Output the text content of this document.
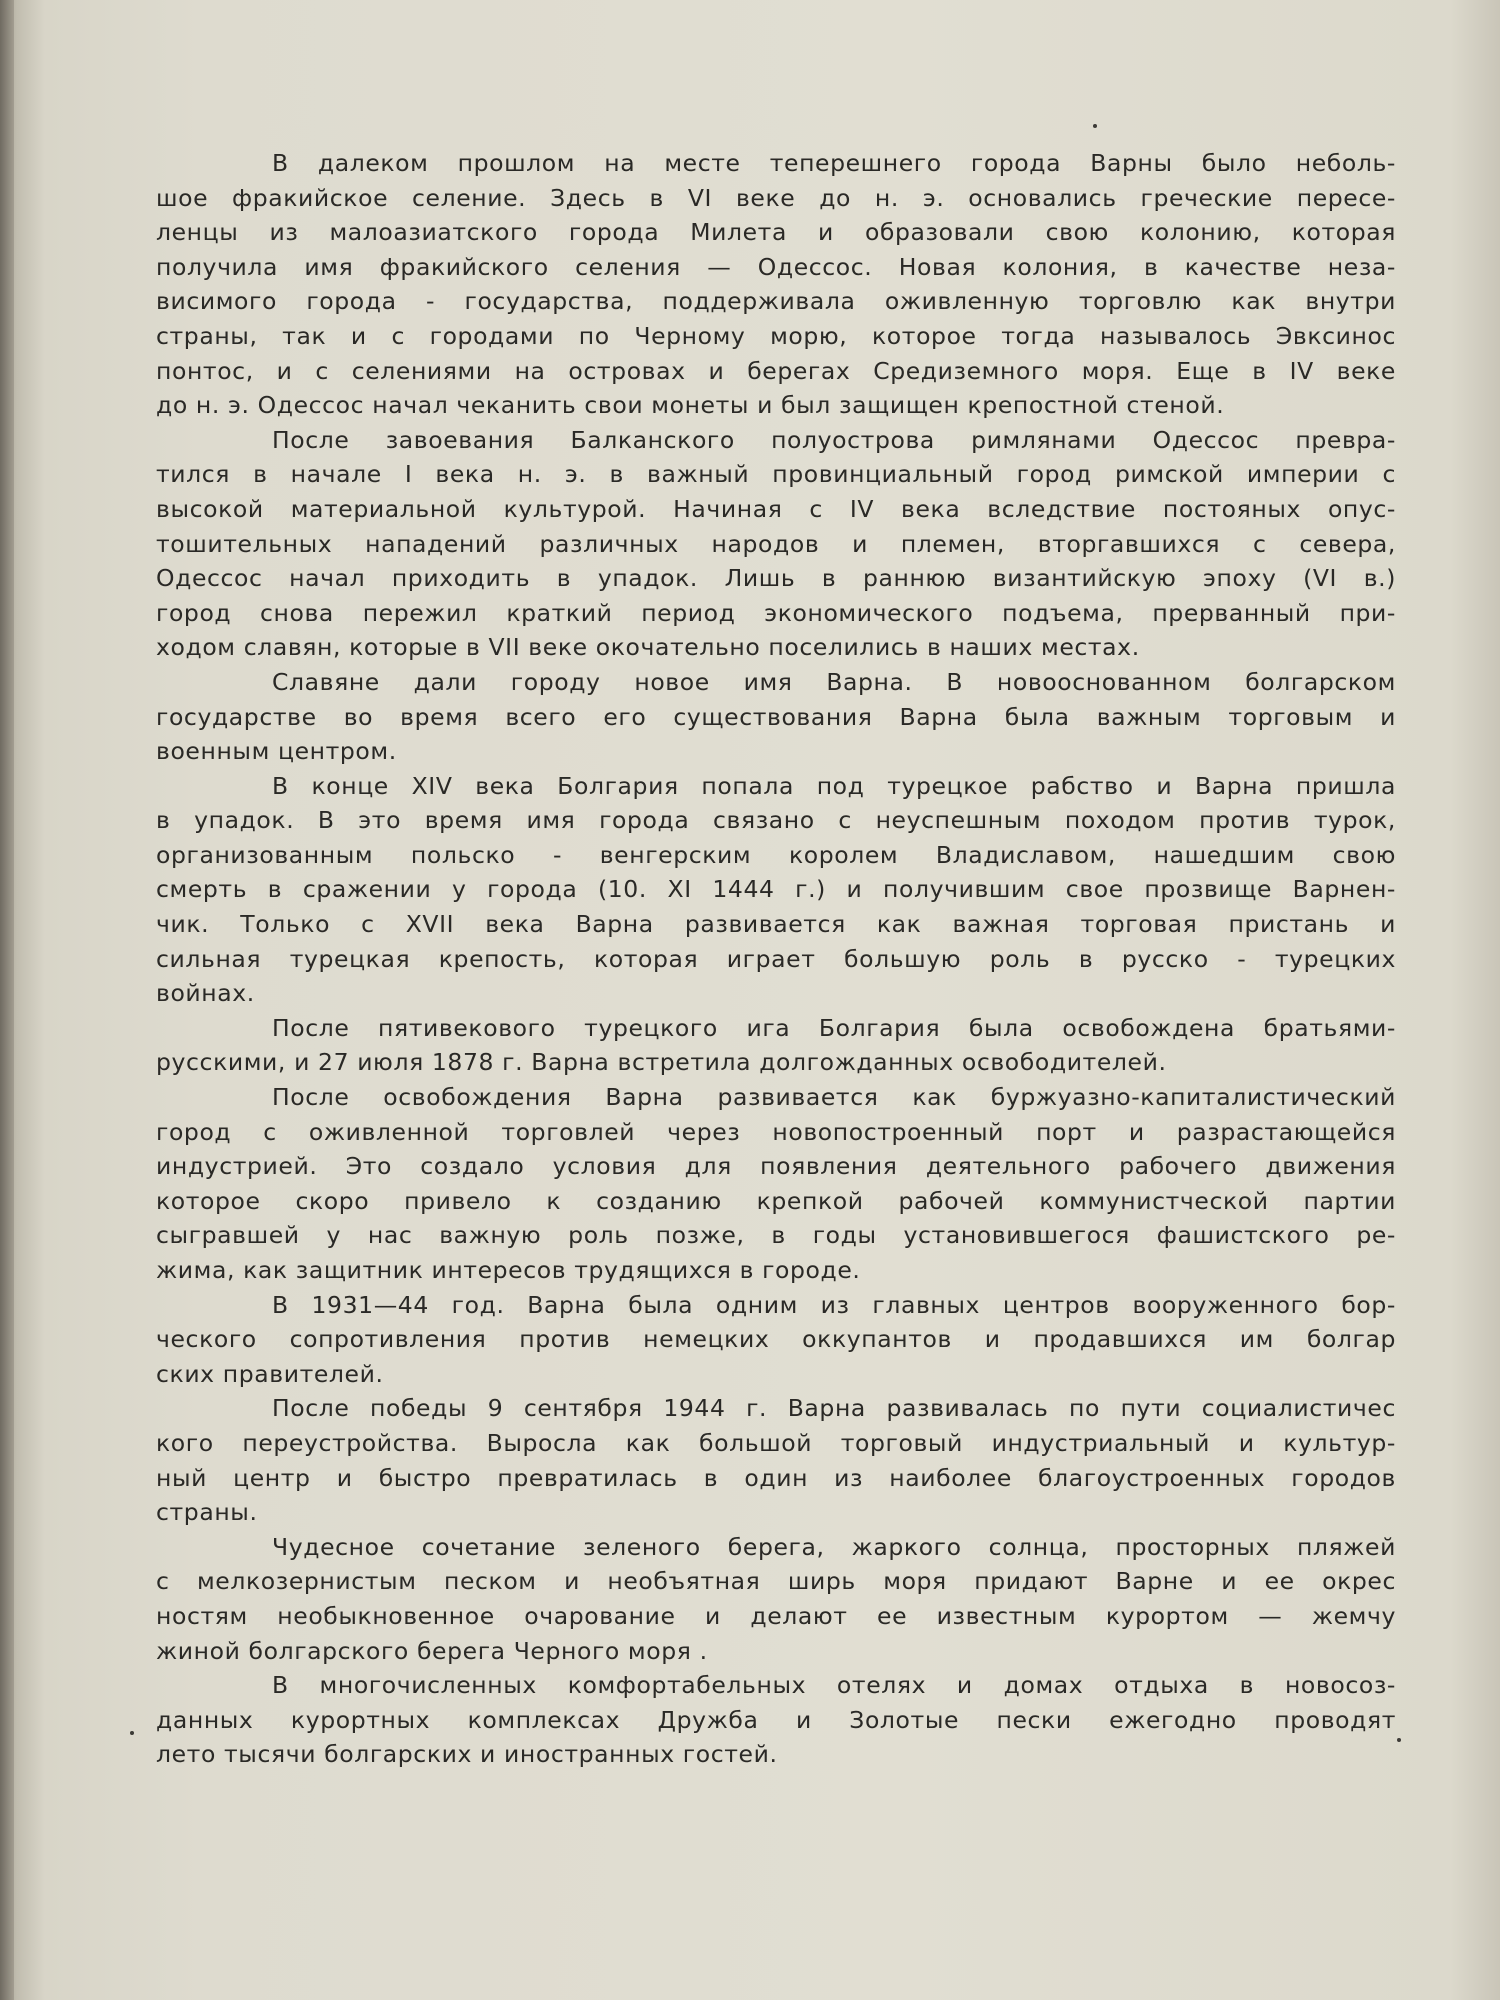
В далеком прошлом на месте теперешнего города Варны было неболь-
шое фракийское селение. Здесь в VI веке до н. э. основались греческие пересе-
ленцы из малоазиатского города Милета и образовали свою колонию, которая
получила имя фракийского селения — Одессос. Новая колония, в качестве неза-
висимого города - государства, поддерживала оживленную торговлю как внутри
страны, так и с городами по Черному морю, которое тогда называлось Эвксинос
понтос, и с селениями на островах и берегах Средиземного моря. Еще в IV веке
до н. э. Одессос начал чеканить свои монеты и был защищен крепостной стеной.
После завоевания Балканского полуострова римлянами Одессос превра-
тился в начале I века н. э. в важный провинциальный город римской империи с
высокой материальной культурой. Начиная с IV века вследствие постояных опус-
тошительных нападений различных народов и племен, вторгавшихся с севера,
Одессос начал приходить в упадок. Лишь в раннюю византийскую эпоху (VI в.)
город снова пережил краткий период экономического подъема, прерванный при-
ходом славян, которые в VII веке окочательно поселились в наших местах.
Славяне дали городу новое имя Варна. В новооснованном болгарском
государстве во время всего его существования Варна была важным торговым и
военным центром.
В конце XIV века Болгария попала под турецкое рабство и Варна пришла
в упадок. В это время имя города связано с неуспешным походом против турок,
организованным польско - венгерским королем Владиславом, нашедшим свою
смерть в сражении у города (10. XI 1444 г.) и получившим свое прозвище Варнен-
чик. Только с XVII века Варна развивается как важная торговая пристань и
сильная турецкая крепость, которая играет большую роль в русско - турецких
войнах.
После пятивекового турецкого ига Болгария была освобождена братьями-
русскими, и 27 июля 1878 г. Варна встретила долгожданных освободителей.
После освобождения Варна развивается как буржуазно-капиталистический
город с оживленной торговлей через новопостроенный порт и разрастающейся
индустрией. Это создало условия для появления деятельного рабочего движения
которое скоро привело к созданию крепкой рабочей коммунистческой партии
сыгравшей у нас важную роль позже, в годы установившегося фашистского ре-
жима, как защитник интересов трудящихся в городе.
В 1931—44 год. Варна была одним из главных центров вооруженного бор-
ческого сопротивления против немецких оккупантов и продавшихся им болгар
ских правителей.
После победы 9 сентября 1944 г. Варна развивалась по пути социалистичес
кого переустройства. Выросла как большой торговый индустриальный и культур-
ный центр и быстро превратилась в один из наиболее благоустроенных городов
страны.
Чудесное сочетание зеленого берега, жаркого солнца, просторных пляжей
с мелкозернистым песком и необъятная ширь моря придают Варне и ее окрес
ностям необыкновенное очарование и делают ее известным курортом — жемчу
жиной болгарского берега Черного моря .
В многочисленных комфортабельных отелях и домах отдыха в новосоз-
данных курортных комплексах Дружба и Золотые пески ежегодно проводят
лето тысячи болгарских и иностранных гостей.
